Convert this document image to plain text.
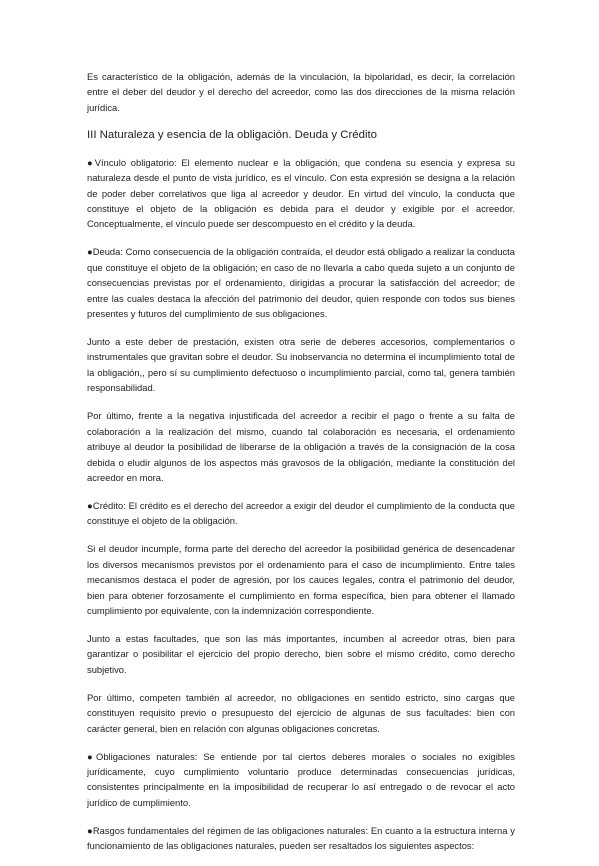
Es característico de la obligación, además de la vinculación, la bipolaridad, es decir, la correlación entre el deber del deudor y el derecho del acreedor, como las dos direcciones de la misma relación jurídica.

III Naturaleza y esencia de la obligación. Deuda y Crédito

●Vínculo obligatorio: El elemento nuclear e la obligación, que condena su esencia y expresa su naturaleza desde el punto de vista jurídico, es el vínculo. Con esta expresión se designa a la relación de poder deber correlativos que liga al acreedor y deudor. En virtud del vínculo, la conducta que constituye el objeto de la obligación es debida para el deudor y exigible por el acreedor. Conceptualmente, el vínculo puede ser descompuesto en el crédito y la deuda.

●Deuda: Como consecuencia de la obligación contraída, el deudor está obligado a realizar la conducta que constituye el objeto de la obligación; en caso de no llevarla a cabo queda sujeto a un conjunto de consecuencias previstas por el ordenamiento, dirigidas a procurar la satisfacción del acreedor; de entre las cuales destaca la afección del patrimonio del deudor, quien responde con todos sus bienes presentes y futuros del cumplimiento de sus obligaciones.

Junto a este deber de prestación, existen otra serie de deberes accesorios, complementarios o instrumentales que gravitan sobre el deudor. Su inobservancia no determina el incumplimiento total de la obligación,, pero sí su cumplimiento defectuoso o incumplimiento parcial, como tal, genera también responsabilidad.

Por último, frente a la negativa injustificada del acreedor a recibir el pago o frente a su falta de colaboración a la realización del mismo, cuando tal colaboración es necesaria, el ordenamiento atribuye al deudor la posibilidad de liberarse de la obligación a través de la consignación de la cosa debida o eludir algunos de los aspectos más gravosos de la obligación, mediante la constitución del acreedor en mora.

●Crédito: El crédito es el derecho del acreedor a exigir del deudor el cumplimiento de la conducta que constituye el objeto de la obligación.

Si el deudor incumple, forma parte del derecho del acreedor la posibilidad genérica de desencadenar los diversos mecanismos previstos por el ordenamiento para el caso de incumplimiento. Entre tales mecanismos destaca el poder de agresión, por los cauces legales, contra el patrimonio del deudor, bien para obtener forzosamente el cumplimiento en forma específica, bien para obtener el llamado cumplimiento por equivalente, con la indemnización correspondiente.

Junto a estas facultades, que son las más importantes, incumben al acreedor otras, bien para garantizar o posibilitar el ejercicio del propio derecho, bien sobre el mismo crédito, como derecho subjetivo.

Por último, competen también al acreedor, no obligaciones en sentido estricto, sino cargas que constituyen requisito previo o presupuesto del ejercicio de algunas de sus facultades: bien con carácter general, bien en relación con algunas obligaciones concretas.

●Obligaciones naturales: Se entiende por tal ciertos deberes morales o sociales no exigibles jurídicamente, cuyo cumplimiento voluntario produce determinadas consecuencias jurídicas, consistentes principalmente en la imposibilidad de recuperar lo así entregado o de revocar el acto jurídico de cumplimiento.

●Rasgos fundamentales del régimen de las obligaciones naturales: En cuanto a la estructura interna y funcionamiento de las obligaciones naturales, pueden ser resaltados los siguientes aspectos:
